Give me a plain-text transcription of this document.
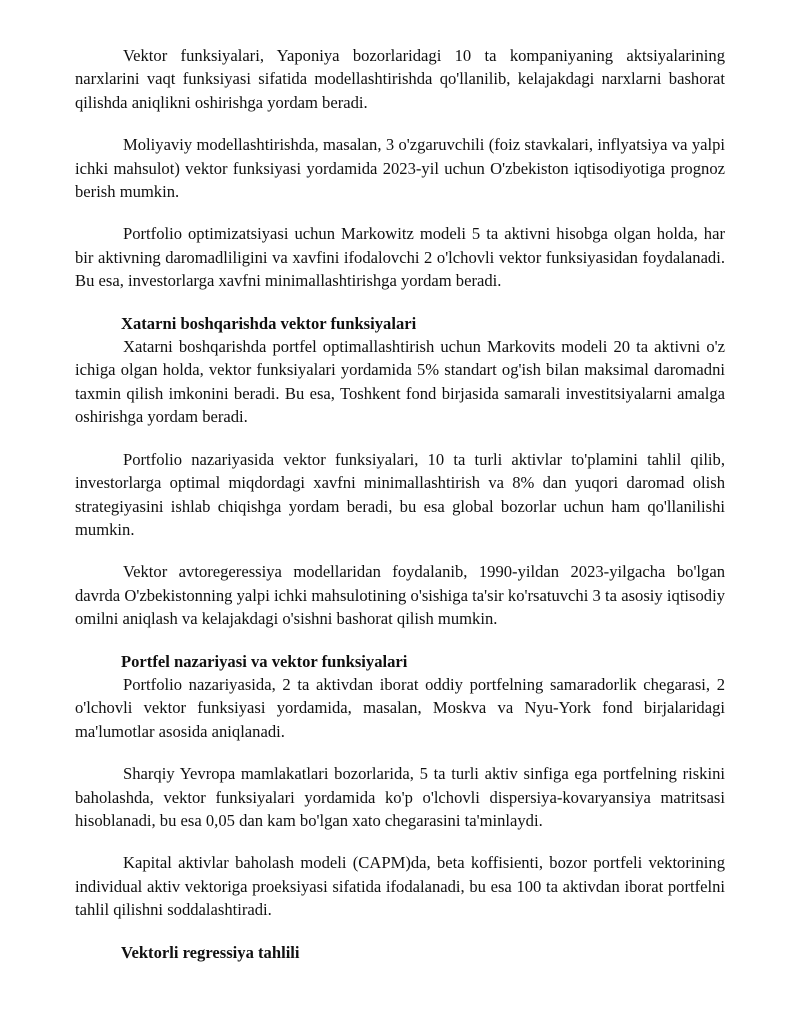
Vektor funksiyalari, Yaponiya bozorlaridagi 10 ta kompaniyaning aktsiyalarining narxlarini vaqt funksiyasi sifatida modellashtirishda qo'llanilib, kelajakdagi narxlarni bashorat qilishda aniqlikni oshirishga yordam beradi.

Moliyaviy modellashtirishda, masalan, 3 o'zgaruvchili (foiz stavkalari, inflyatsiya va yalpi ichki mahsulot) vektor funksiyasi yordamida 2023-yil uchun O'zbekiston iqtisodiyotiga prognoz berish mumkin.

Portfolio optimizatsiyasi uchun Markowitz modeli 5 ta aktivni hisobga olgan holda, har bir aktivning daromadliligini va xavfini ifodalovchi 2 o'lchovli vektor funksiyasidan foydalanadi. Bu esa, investorlarga xavfni minimallashtirishga yordam beradi.

Xatarni boshqarishda vektor funksiyalari

Xatarni boshqarishda portfel optimallashtirish uchun Markovits modeli 20 ta aktivni o'z ichiga olgan holda, vektor funksiyalari yordamida 5% standart og'ish bilan maksimal daromadni taxmin qilish imkonini beradi. Bu esa, Toshkent fond birjasida samarali investitsiyalarni amalga oshirishga yordam beradi.

Portfolio nazariyasida vektor funksiyalari, 10 ta turli aktivlar to'plamini tahlil qilib, investorlarga optimal miqdordagi xavfni minimallashtirish va 8% dan yuqori daromad olish strategiyasini ishlab chiqishga yordam beradi, bu esa global bozorlar uchun ham qo'llanilishi mumkin.

Vektor avtoregeressiya modellaridan foydalanib, 1990-yildan 2023-yilgacha bo'lgan davrda O'zbekistonning yalpi ichki mahsulotining o'sishiga ta'sir ko'rsatuvchi 3 ta asosiy iqtisodiy omilni aniqlash va kelajakdagi o'sishni bashorat qilish mumkin.

Portfel nazariyasi va vektor funksiyalari

Portfolio nazariyasida, 2 ta aktivdan iborat oddiy portfelning samaradorlik chegarasi, 2 o'lchovli vektor funksiyasi yordamida, masalan, Moskva va Nyu-York fond birjalaridagi ma'lumotlar asosida aniqlanadi.

Sharqiy Yevropa mamlakatlari bozorlarida, 5 ta turli aktiv sinfiga ega portfelning riskini baholashda, vektor funksiyalari yordamida ko'p o'lchovli dispersiya-kovaryansiya matritsasi hisoblanadi, bu esa 0,05 dan kam bo'lgan xato chegarasini ta'minlaydi.

Kapital aktivlar baholash modeli (CAPM)da, beta koffisienti, bozor portfeli vektorining individual aktiv vektoriga proeksiyasi sifatida ifodalanadi, bu esa 100 ta aktivdan iborat portfelni tahlil qilishni soddalashtiradi.

Vektorli regressiya tahlili
